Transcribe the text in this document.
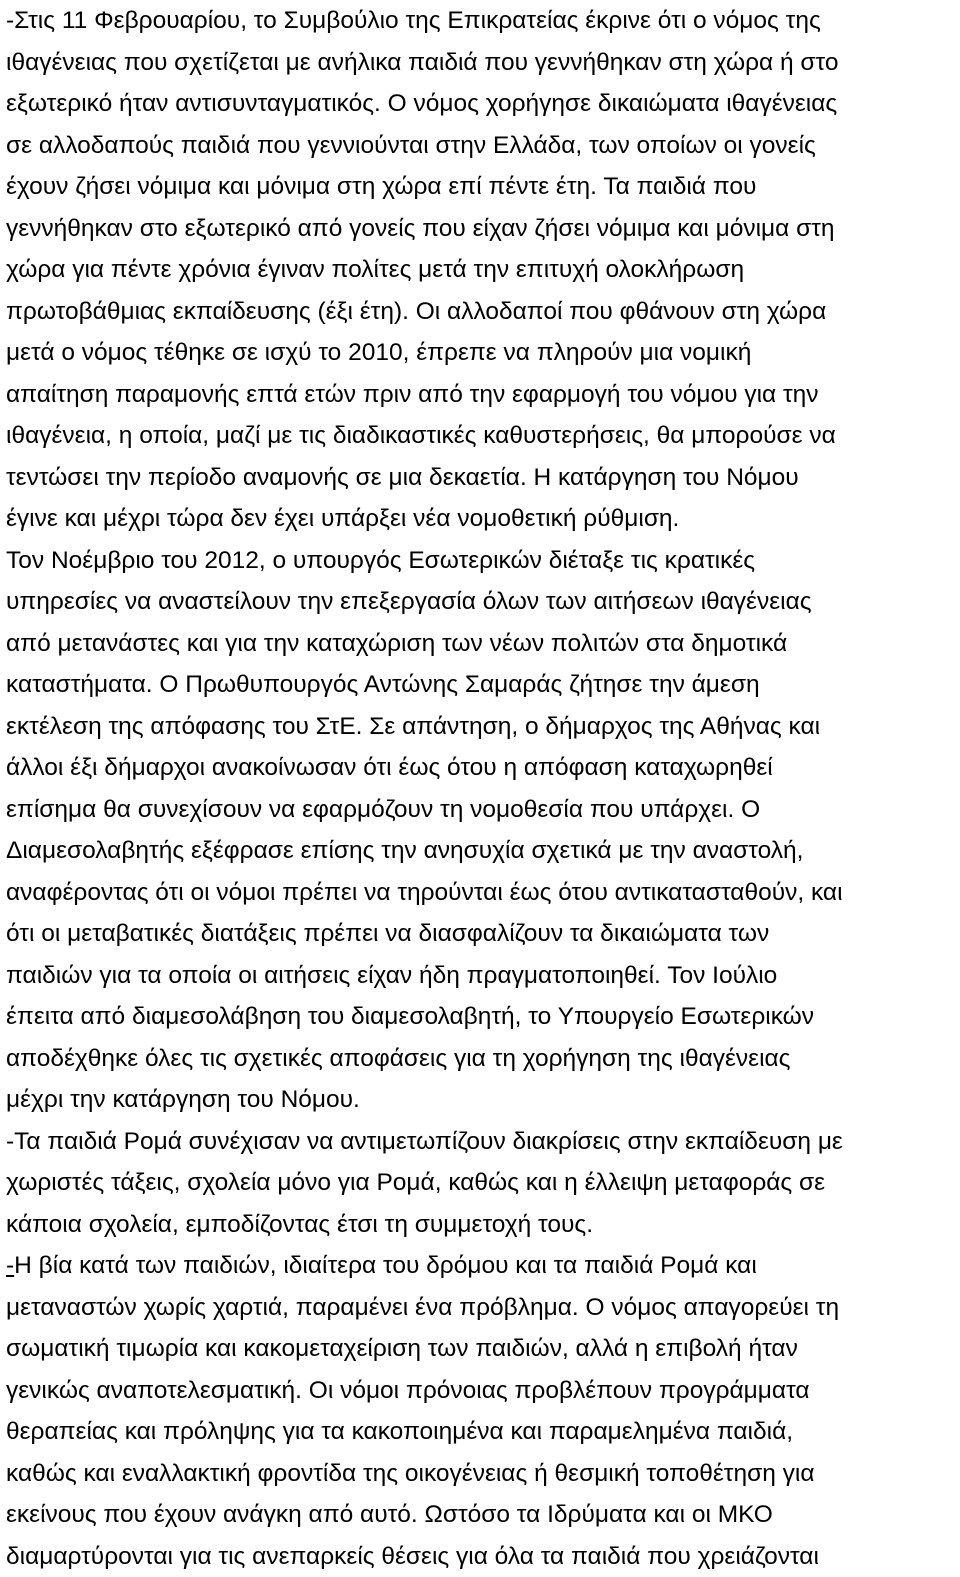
-Στις 11 Φεβρουαρίου, το Συμβούλιο της Επικρατείας έκρινε ότι ο νόμος της
ιθαγένειας που σχετίζεται με ανήλικα παιδιά που γεννήθηκαν στη χώρα ή στο
εξωτερικό ήταν αντισυνταγματικός. Ο νόμος χορήγησε δικαιώματα ιθαγένειας
σε αλλοδαπούς παιδιά που γεννιούνται στην Ελλάδα, των οποίων οι γονείς
έχουν ζήσει νόμιμα και μόνιμα στη χώρα επί πέντε έτη. Τα παιδιά που
γεννήθηκαν στο εξωτερικό από γονείς που είχαν ζήσει νόμιμα και μόνιμα στη
χώρα για πέντε χρόνια έγιναν πολίτες μετά την επιτυχή ολοκλήρωση
πρωτοβάθμιας εκπαίδευσης (έξι έτη). Οι αλλοδαποί που φθάνουν στη χώρα
μετά ο νόμος τέθηκε σε ισχύ το 2010, έπρεπε να πληρούν μια νομική
απαίτηση παραμονής επτά ετών πριν από την εφαρμογή του νόμου για την
ιθαγένεια, η οποία, μαζί με τις διαδικαστικές καθυστερήσεις, θα μπορούσε να
τεντώσει την περίοδο αναμονής σε μια δεκαετία. Η κατάργηση του Νόμου
έγινε και μέχρι τώρα δεν έχει υπάρξει νέα νομοθετική ρύθμιση.
Τον Νοέμβριο του 2012, ο υπουργός Εσωτερικών διέταξε τις κρατικές
υπηρεσίες να αναστείλουν την επεξεργασία όλων των αιτήσεων ιθαγένειας
από μετανάστες και για την καταχώριση των νέων πολιτών στα δημοτικά
καταστήματα. Ο Πρωθυπουργός Αντώνης Σαμαράς ζήτησε την άμεση
εκτέλεση της απόφασης του ΣτΕ. Σε απάντηση, ο δήμαρχος της Αθήνας και
άλλοι έξι δήμαρχοι ανακοίνωσαν ότι έως ότου η απόφαση καταχωρηθεί
επίσημα θα συνεχίσουν να εφαρμόζουν τη νομοθεσία που υπάρχει. Ο
Διαμεσολαβητής εξέφρασε επίσης την ανησυχία σχετικά με την αναστολή,
αναφέροντας ότι οι νόμοι πρέπει να τηρούνται έως ότου αντικατασταθούν, και
ότι οι μεταβατικές διατάξεις πρέπει να διασφαλίζουν τα δικαιώματα των
παιδιών για τα οποία οι αιτήσεις είχαν ήδη πραγματοποιηθεί. Τον Ιούλιο
έπειτα από διαμεσολάβηση του διαμεσολαβητή, το Υπουργείο Εσωτερικών
αποδέχθηκε όλες τις σχετικές αποφάσεις για τη χορήγηση της ιθαγένειας
μέχρι την κατάργηση του Νόμου.
-Τα παιδιά Ρομά συνέχισαν να αντιμετωπίζουν διακρίσεις στην εκπαίδευση με
χωριστές τάξεις, σχολεία μόνο για Ρομά, καθώς και η έλλειψη μεταφοράς σε
κάποια σχολεία, εμποδίζοντας έτσι τη συμμετοχή τους.
-Η βία κατά των παιδιών, ιδιαίτερα του δρόμου και τα παιδιά Ρομά και
μεταναστών χωρίς χαρτιά, παραμένει ένα πρόβλημα. Ο νόμος απαγορεύει τη
σωματική τιμωρία και κακομεταχείριση των παιδιών, αλλά η επιβολή ήταν
γενικώς αναποτελεσματική. Οι νόμοι πρόνοιας προβλέπουν προγράμματα
θεραπείας και πρόληψης για τα κακοποιημένα και παραμελημένα παιδιά,
καθώς και εναλλακτική φροντίδα της οικογένειας ή θεσμική τοποθέτηση για
εκείνους που έχουν ανάγκη από αυτό. Ωστόσο τα Ιδρύματα και οι ΜΚΟ
διαμαρτύρονται για τις ανεπαρκείς θέσεις για όλα τα παιδιά που χρειάζονται
